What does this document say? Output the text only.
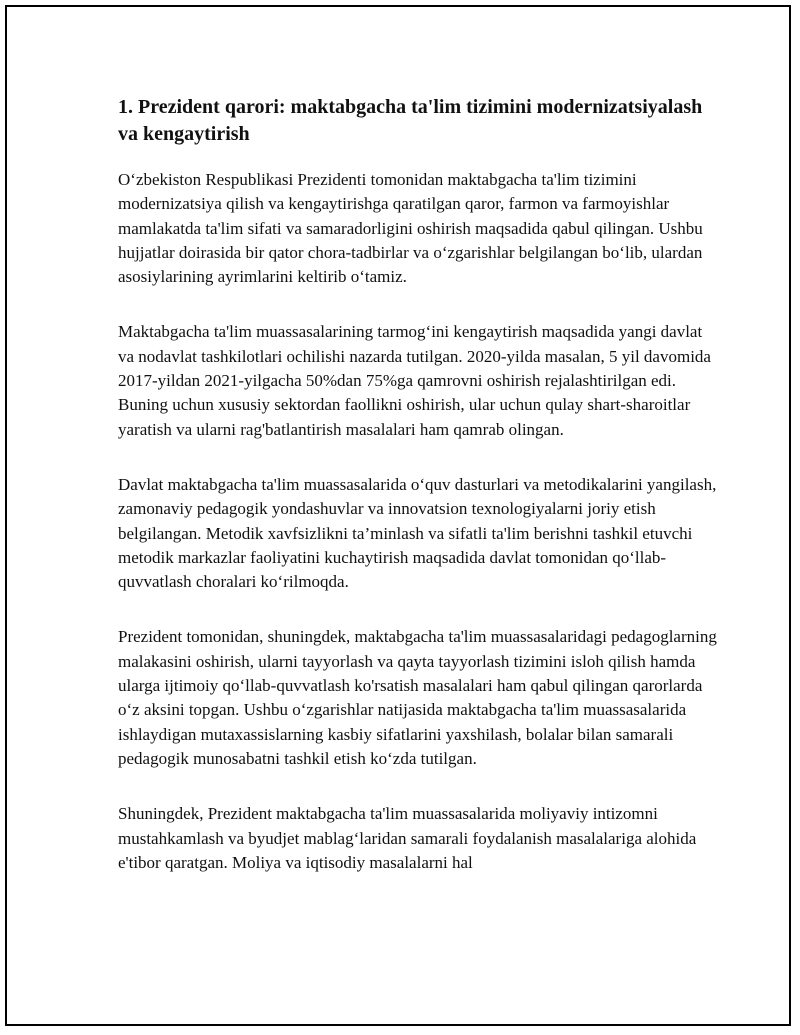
1. Prezident qarori: maktabgacha ta'lim tizimini modernizatsiyalash va kengaytirish

O‘zbekiston Respublikasi Prezidenti tomonidan maktabgacha ta'lim tizimini modernizatsiya qilish va kengaytirishga qaratilgan qaror, farmon va farmoyishlar mamlakatda ta'lim sifati va samaradorligini oshirish maqsadida qabul qilingan. Ushbu hujjatlar doirasida bir qator chora-tadbirlar va o‘zgarishlar belgilangan bo‘lib, ulardan asosiylarining ayrimlarini keltirib o‘tamiz.

Maktabgacha ta'lim muassasalarining tarmog‘ini kengaytirish maqsadida yangi davlat va nodavlat tashkilotlari ochilishi nazarda tutilgan. 2020-yilda masalan, 5 yil davomida 2017-yildan 2021-yilgacha 50%dan 75%ga qamrovni oshirish rejalashtirilgan edi. Buning uchun xususiy sektordan faollikni oshirish, ular uchun qulay shart-sharoitlar yaratish va ularni rag'batlantirish masalalari ham qamrab olingan.

Davlat maktabgacha ta'lim muassasalarida o‘quv dasturlari va metodikalarini yangilash, zamonaviy pedagogik yondashuvlar va innovatsion texnologiyalarni joriy etish belgilangan. Metodik xavfsizlikni ta’minlash va sifatli ta'lim berishni tashkil etuvchi metodik markazlar faoliyatini kuchaytirish maqsadida davlat tomonidan qo‘llab-quvvatlash choralari ko‘rilmoqda.

Prezident tomonidan, shuningdek, maktabgacha ta'lim muassasalaridagi pedagoglarning malakasini oshirish, ularni tayyorlash va qayta tayyorlash tizimini isloh qilish hamda ularga ijtimoiy qo‘llab-quvvatlash ko'rsatish masalalari ham qabul qilingan qarorlarda o‘z aksini topgan. Ushbu o‘zgarishlar natijasida maktabgacha ta'lim muassasalarida ishlaydigan mutaxassislarning kasbiy sifatlarini yaxshilash, bolalar bilan samarali pedagogik munosabatni tashkil etish ko‘zda tutilgan.

Shuningdek, Prezident maktabgacha ta'lim muassasalarida moliyaviy intizomni mustahkamlash va byudjet mablag‘laridan samarali foydalanish masalalariga alohida e'tibor qaratgan. Moliya va iqtisodiy masalalarni hal
